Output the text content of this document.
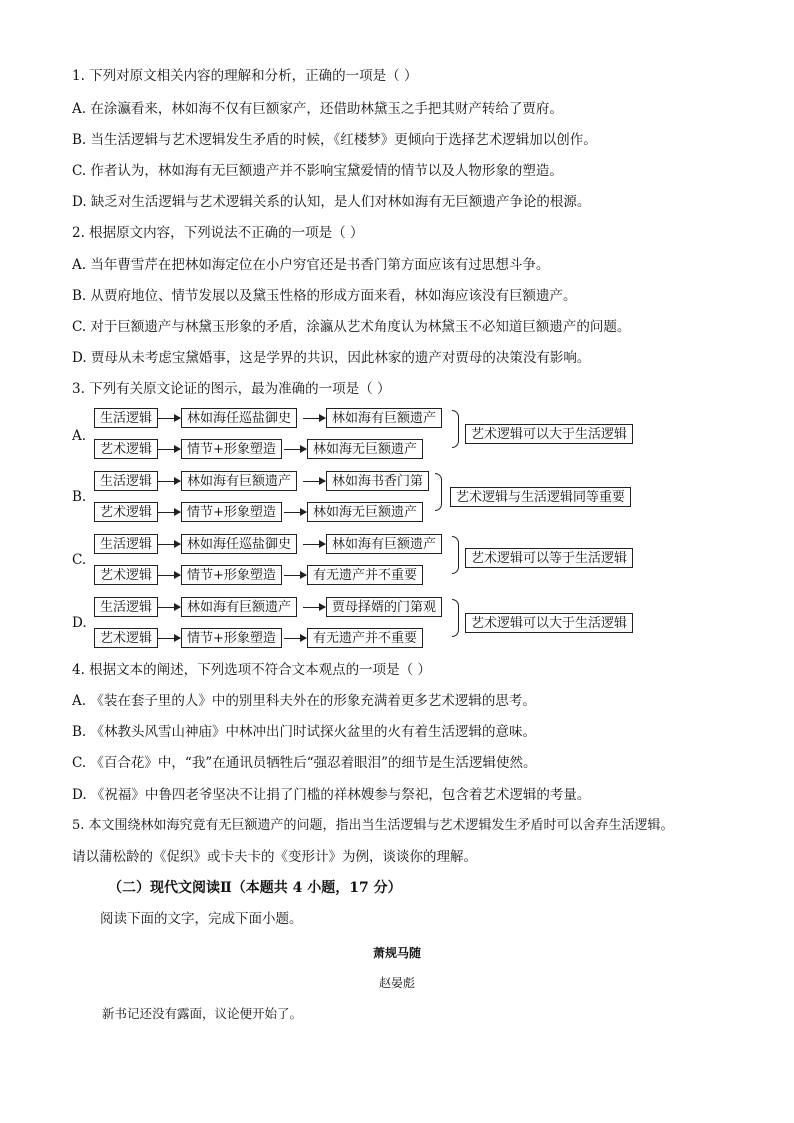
1. 下列对原文相关内容的理解和分析，正确的一项是（ ）
A. 在涂瀛看来，林如海不仅有巨额家产，还借助林黛玉之手把其财产转给了贾府。
B. 当生活逻辑与艺术逻辑发生矛盾的时候，《红楼梦》更倾向于选择艺术逻辑加以创作。
C. 作者认为，林如海有无巨额遗产并不影响宝黛爱情的情节以及人物形象的塑造。
D. 缺乏对生活逻辑与艺术逻辑关系的认知，是人们对林如海有无巨额遗产争论的根源。
2. 根据原文内容，下列说法不正确的一项是（ ）
A. 当年曹雪芹在把林如海定位在小户穷官还是书香门第方面应该有过思想斗争。
B. 从贾府地位、情节发展以及黛玉性格的形成方面来看，林如海应该没有巨额遗产。
C. 对于巨额遗产与林黛玉形象的矛盾，涂瀛从艺术角度认为林黛玉不必知道巨额遗产的问题。
D. 贾母从未考虑宝黛婚事，这是学界的共识，因此林家的遗产对贾母的决策没有影响。
3. 下列有关原文论证的图示，最为准确的一项是（ ）
A.
生活逻辑	林如海任巡盐御史	林如海有巨额遗产
艺术逻辑	情节+形象塑造	林如海无巨额遗产
艺术逻辑可以大于生活逻辑
B.
生活逻辑	林如海有巨额遗产	林如海书香门第
艺术逻辑	情节+形象塑造	林如海无巨额遗产
艺术逻辑与生活逻辑同等重要
C.
生活逻辑	林如海任巡盐御史	林如海有巨额遗产
艺术逻辑	情节+形象塑造	有无遗产并不重要
艺术逻辑可以等于生活逻辑
D.
生活逻辑	林如海有巨额遗产	贾母择婿的门第观
艺术逻辑	情节+形象塑造	有无遗产并不重要
艺术逻辑可以大于生活逻辑
4. 根据文本的阐述，下列选项不符合文本观点的一项是（ ）
A. 《装在套子里的人》中的别里科夫外在的形象充满着更多艺术逻辑的思考。
B. 《林教头风雪山神庙》中林冲出门时试探火盆里的火有着生活逻辑的意味。
C. 《百合花》中，“我”在通讯员牺牲后“强忍着眼泪”的细节是生活逻辑使然。
D. 《祝福》中鲁四老爷坚决不让捐了门槛的祥林嫂参与祭祀，包含着艺术逻辑的考量。
5. 本文围绕林如海究竟有无巨额遗产的问题，指出当生活逻辑与艺术逻辑发生矛盾时可以舍弃生活逻辑。
请以蒲松龄的《促织》或卡夫卡的《变形计》为例，谈谈你的理解。
（二）现代文阅读Ⅱ（本题共 4 小题，17 分）
阅读下面的文字，完成下面小题。
萧规马随
赵晏彪
新书记还没有露面，议论便开始了。
